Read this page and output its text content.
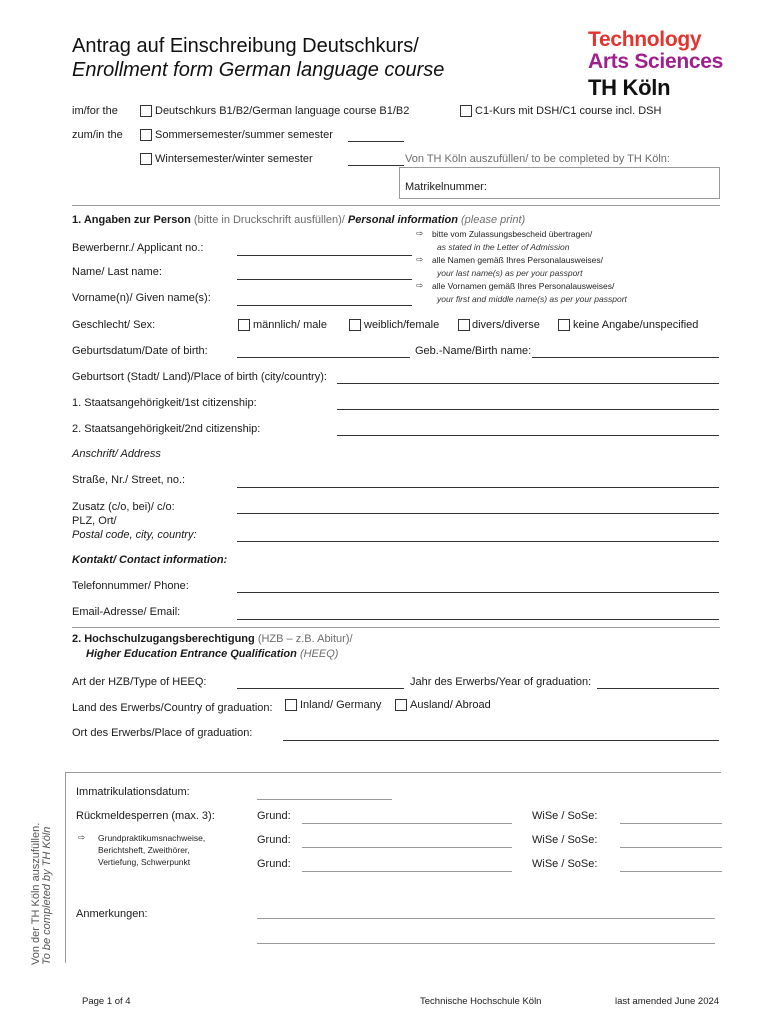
Antrag auf Einschreibung Deutschkurs/
Enrollment form German language course
Technology
Arts Sciences
TH Köln
im/for the	Deutschkurs B1/B2/German language course B1/B2	C1-Kurs mit DSH/C1 course incl. DSH
zum/in the	Sommersemester/summer semester
Wintersemester/winter semester	Von TH Köln auszufüllen/ to be completed by TH Köln:
Matrikelnummer:
1. Angaben zur Person (bitte in Druckschrift ausfüllen)/ Personal information (please print)
Bewerbernr./ Applicant no.:
Name/ Last name:
Vorname(n)/ Given name(s):
⇨ bitte vom Zulassungsbescheid übertragen/
as stated in the Letter of Admission
⇨ alle Namen gemäß Ihres Personalausweises/
your last name(s) as per your passport
⇨ alle Vornamen gemäß Ihres Personalausweises/
your first and middle name(s) as per your passport
Geschlecht/ Sex:	männlich/ male	weiblich/female	divers/diverse	keine Angabe/unspecified
Geburtsdatum/Date of birth:	Geb.-Name/Birth name:
Geburtsort (Stadt/ Land)/Place of birth (city/country):
1. Staatsangehörigkeit/1st citizenship:
2. Staatsangehörigkeit/2nd citizenship:
Anschrift/ Address
Straße, Nr./ Street, no.:
Zusatz (c/o, bei)/ c/o:
PLZ, Ort/
Postal code, city, country:
Kontakt/ Contact information:
Telefonnummer/ Phone:
Email-Adresse/ Email:
2. Hochschulzugangsberechtigung (HZB – z.B. Abitur)/
Higher Education Entrance Qualification (HEEQ)
Art der HZB/Type of HEEQ:	Jahr des Erwerbs/Year of graduation:
Land des Erwerbs/Country of graduation: Inland/ Germany	Ausland/ Abroad
Ort des Erwerbs/Place of graduation:
Von der TH Köln auszufüllen. To be completed by TH Köln
Immatrikulationsdatum:
Rückmeldesperren (max. 3):
⇨ Grundpraktikumsnachweise,
Berichtsheft, Zweithörer,
Vertiefung, Schwerpunkt
Grund:	WiSe / SoSe:
Grund:	WiSe / SoSe:
Grund:	WiSe / SoSe:
Anmerkungen:
Page 1 of 4	Technische Hochschule Köln	last amended June 2024
